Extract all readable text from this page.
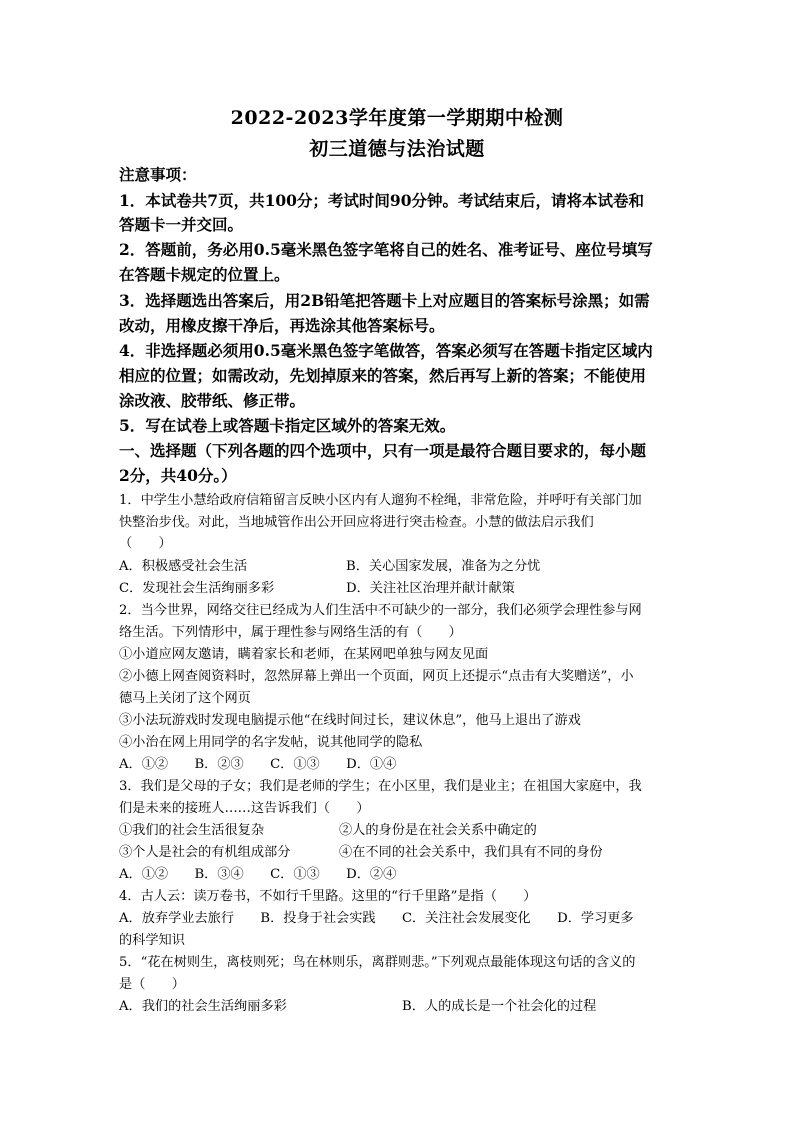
2022-2023学年度第一学期期中检测
初三道德与法治试题
注意事项：
1．本试卷共7页，共100分；考试时间90分钟。考试结束后，请将本试卷和
答题卡一并交回。
2．答题前，务必用0.5毫米黑色签字笔将自己的姓名、准考证号、座位号填写
在答题卡规定的位置上。
3．选择题选出答案后，用2B铅笔把答题卡上对应题目的答案标号涂黑；如需
改动，用橡皮擦干净后，再选涂其他答案标号。
4．非选择题必须用0.5毫米黑色签字笔做答，答案必须写在答题卡指定区域内
相应的位置；如需改动，先划掉原来的答案，然后再写上新的答案；不能使用
涂改液、胶带纸、修正带。
5．写在试卷上或答题卡指定区域外的答案无效。
一、选择题（下列各题的四个选项中，只有一项是最符合题目要求的，每小题
2分，共40分。）
1．中学生小慧给政府信箱留言反映小区内有人遛狗不栓绳，非常危险，并呼吁有关部门加
快整治步伐。对此，当地城管作出公开回应将进行突击检查。小慧的做法启示我们
（　　）
A．积极感受社会生活	B．关心国家发展，准备为之分忧
C．发现社会生活绚丽多彩	D．关注社区治理并献计献策
2．当今世界，网络交往已经成为人们生活中不可缺少的一部分，我们必须学会理性参与网
络生活。下列情形中，属于理性参与网络生活的有（　　）
①小道应网友邀请，瞒着家长和老师，在某网吧单独与网友见面
②小德上网查阅资料时，忽然屏幕上弹出一个页面，网页上还提示“点击有大奖赠送”，小
德马上关闭了这个网页
③小法玩游戏时发现电脑提示他“在线时间过长，建议休息”，他马上退出了游戏
④小治在网上用同学的名字发帖，说其他同学的隐私
A．①②　　B．②③　　C．①③　　D．①④
3．我们是父母的子女；我们是老师的学生；在小区里，我们是业主；在祖国大家庭中，我
们是未来的接班人……这告诉我们（　　）
①我们的社会生活很复杂	②人的身份是在社会关系中确定的
③个人是社会的有机组成部分	④在不同的社会关系中，我们具有不同的身份
A．①②　　B．③④　　C．①③　　D．②④
4．古人云：读万卷书，不如行千里路。这里的“行千里路”是指（　　）
A．放弃学业去旅行　　B．投身于社会实践　　C．关注社会发展变化　　D．学习更多
的科学知识
5．“花在树则生，离枝则死；鸟在林则乐，离群则悲。”下列观点最能体现这句话的含义的
是（　　）
A．我们的社会生活绚丽多彩	B．人的成长是一个社会化的过程
